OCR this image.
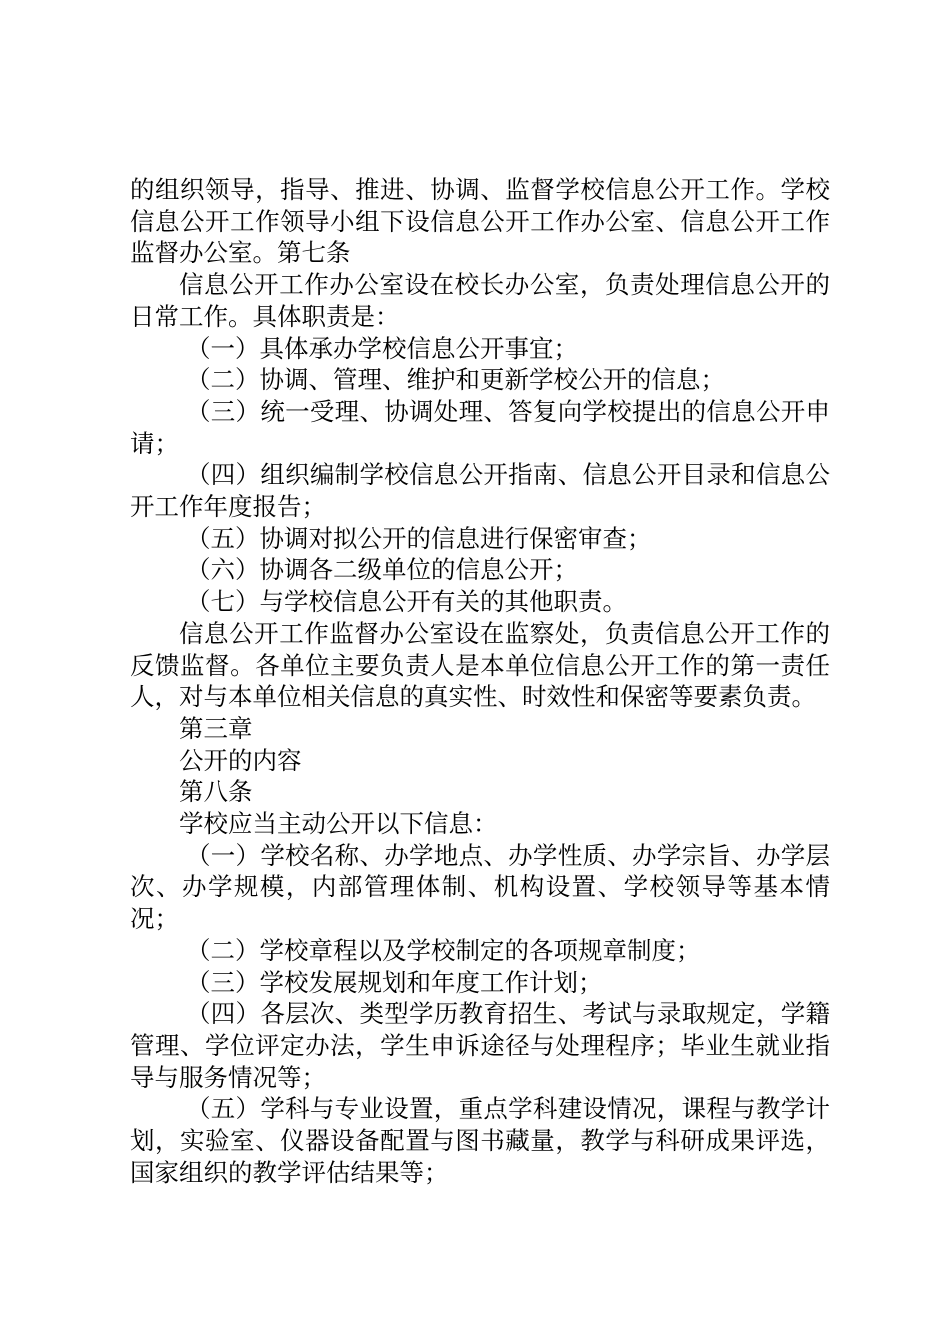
的组织领导，指导、推进、协调、监督学校信息公开工作。学校信息公开工作领导小组下设信息公开工作办公室、信息公开工作监督办公室。第七条

信息公开工作办公室设在校长办公室，负责处理信息公开的日常工作。具体职责是：

（一）具体承办学校信息公开事宜；

（二）协调、管理、维护和更新学校公开的信息；

（三）统一受理、协调处理、答复向学校提出的信息公开申请；

（四）组织编制学校信息公开指南、信息公开目录和信息公开工作年度报告；

（五）协调对拟公开的信息进行保密审查；

（六）协调各二级单位的信息公开；

（七）与学校信息公开有关的其他职责。

信息公开工作监督办公室设在监察处，负责信息公开工作的反馈监督。各单位主要负责人是本单位信息公开工作的第一责任人，对与本单位相关信息的真实性、时效性和保密等要素负责。

第三章

公开的内容

第八条

学校应当主动公开以下信息：

（一）学校名称、办学地点、办学性质、办学宗旨、办学层次、办学规模，内部管理体制、机构设置、学校领导等基本情况；

（二）学校章程以及学校制定的各项规章制度；

（三）学校发展规划和年度工作计划；

（四）各层次、类型学历教育招生、考试与录取规定，学籍管理、学位评定办法，学生申诉途径与处理程序；毕业生就业指导与服务情况等；

（五）学科与专业设置，重点学科建设情况，课程与教学计划，实验室、仪器设备配置与图书藏量，教学与科研成果评选，国家组织的教学评估结果等；
